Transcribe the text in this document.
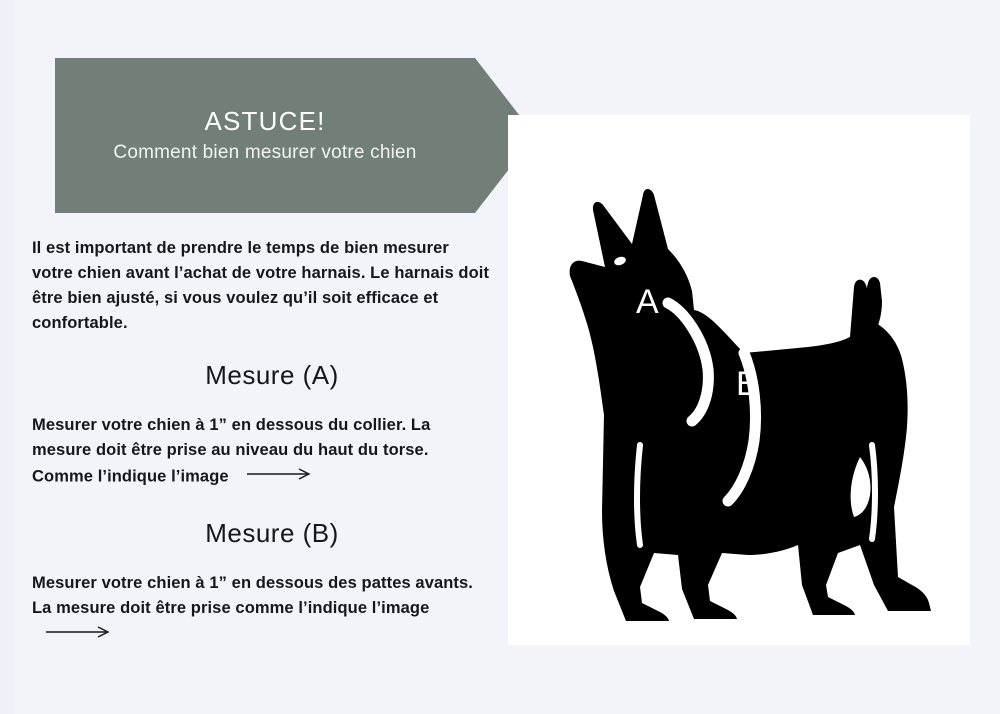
ASTUCE!
Comment bien mesurer votre chien
Il est important de prendre le temps de bien mesurer votre chien avant l’achat de votre harnais. Le harnais doit être bien ajusté, si vous voulez qu’il soit efficace et confortable.
Mesure (A)
Mesurer votre chien à 1” en dessous du collier. La mesure doit être prise au niveau du haut du torse. Comme l’indique l’image
Mesure (B)
Mesurer votre chien à 1” en dessous des pattes avants. La mesure doit être prise comme l’indique l’image
A
B
